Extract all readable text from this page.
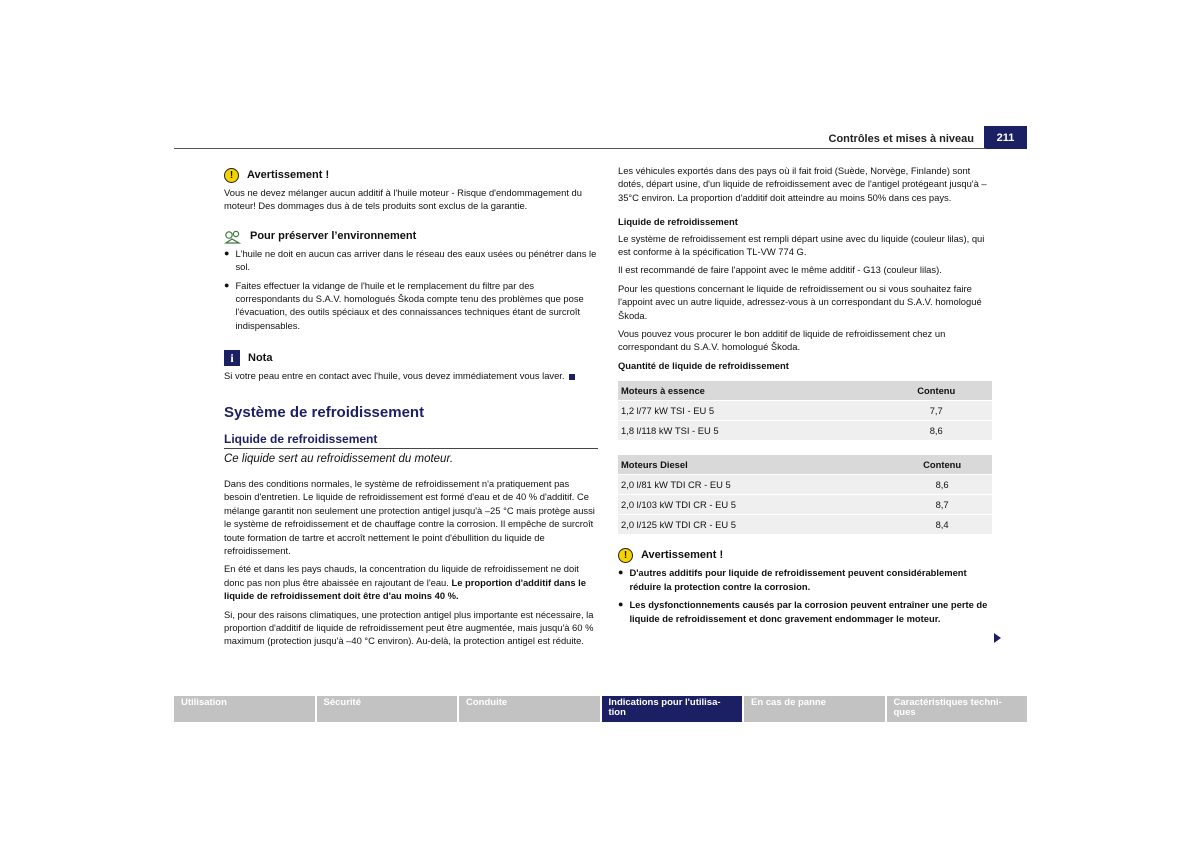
Contrôles et mises à niveau	211
!	Avertissement !

Vous ne devez mélanger aucun additif à l'huile moteur - Risque d'endommagement du moteur! Des dommages dus à de tels produits sont exclus de la garantie.

Pour préserver l’environnement
● L'huile ne doit en aucun cas arriver dans le réseau des eaux usées ou pénétrer dans le sol.
● Faites effectuer la vidange de l'huile et le remplacement du filtre par des correspondants du S.A.V. homologués Škoda compte tenu des problèmes que pose l'évacuation, des outils spéciaux et des connaissances techniques étant de surcroît indispensables.
i	Nota

Si votre peau entre en contact avec l'huile, vous devez immédiatement vous laver.

Système de refroidissement
Liquide de refroidissement
Ce liquide sert au refroidissement du moteur.

Dans des conditions normales, le système de refroidissement n'a pratiquement pas besoin d'entretien. Le liquide de refroidissement est formé d'eau et de 40 % d'additif. Ce mélange garantit non seulement une protection antigel jusqu'à –25 °C mais protège aussi le système de refroidissement et de chauffage contre la corrosion. Il empêche de surcroît toute formation de tartre et accroît nettement le point d'ébullition du liquide de refroidissement.

En été et dans les pays chauds, la concentration du liquide de refroidissement ne doit donc pas non plus être abaissée en rajoutant de l'eau. Le proportion d'additif dans le liquide de refroidissement doit être d'au moins 40 %.

Si, pour des raisons climatiques, une protection antigel plus importante est nécessaire, la proportion d'additif de liquide de refroidissement peut être augmentée, mais jusqu'à 60 % maximum (protection jusqu'à –40 °C environ). Au-delà, la protection antigel est réduite.

Les véhicules exportés dans des pays où il fait froid (Suède, Norvège, Finlande) sont dotés, départ usine, d'un liquide de refroidissement avec de l'antigel protégeant jusqu'à –35°C environ. La proportion d'additif doit atteindre au moins 50% dans ces pays.

Liquide de refroidissement

Le système de refroidissement est rempli départ usine avec du liquide (couleur lilas), qui est conforme à la spécification TL-VW 774 G.

Il est recommandé de faire l'appoint avec le même additif - G13 (couleur lilas).

Pour les questions concernant le liquide de refroidissement ou si vous souhaitez faire l'appoint avec un autre liquide, adressez-vous à un correspondant du S.A.V. homologué Škoda.

Vous pouvez vous procurer le bon additif de liquide de refroidissement chez un correspondant du S.A.V. homologué Škoda.

Quantité de liquide de refroidissement
Moteurs à essence	Contenu
1,2 l/77 kW TSI - EU 5	7,7
1,8 l/118 kW TSI - EU 5	8,6
Moteurs Diesel	Contenu
2,0 l/81 kW TDI CR - EU 5	8,6
2,0 l/103 kW TDI CR - EU 5	8,7
2,0 l/125 kW TDI CR - EU 5	8,4
!	Avertissement !
● D'autres additifs pour liquide de refroidissement peuvent considérablement réduire la protection contre la corrosion.
● Les dysfonctionnements causés par la corrosion peuvent entraîner une perte de liquide de refroidissement et donc gravement endommager le moteur.
Utilisation	Sécurité	Conduite	Indications pour l'utilisa-
tion
En cas de panne	Caractéristiques techni-
ques
